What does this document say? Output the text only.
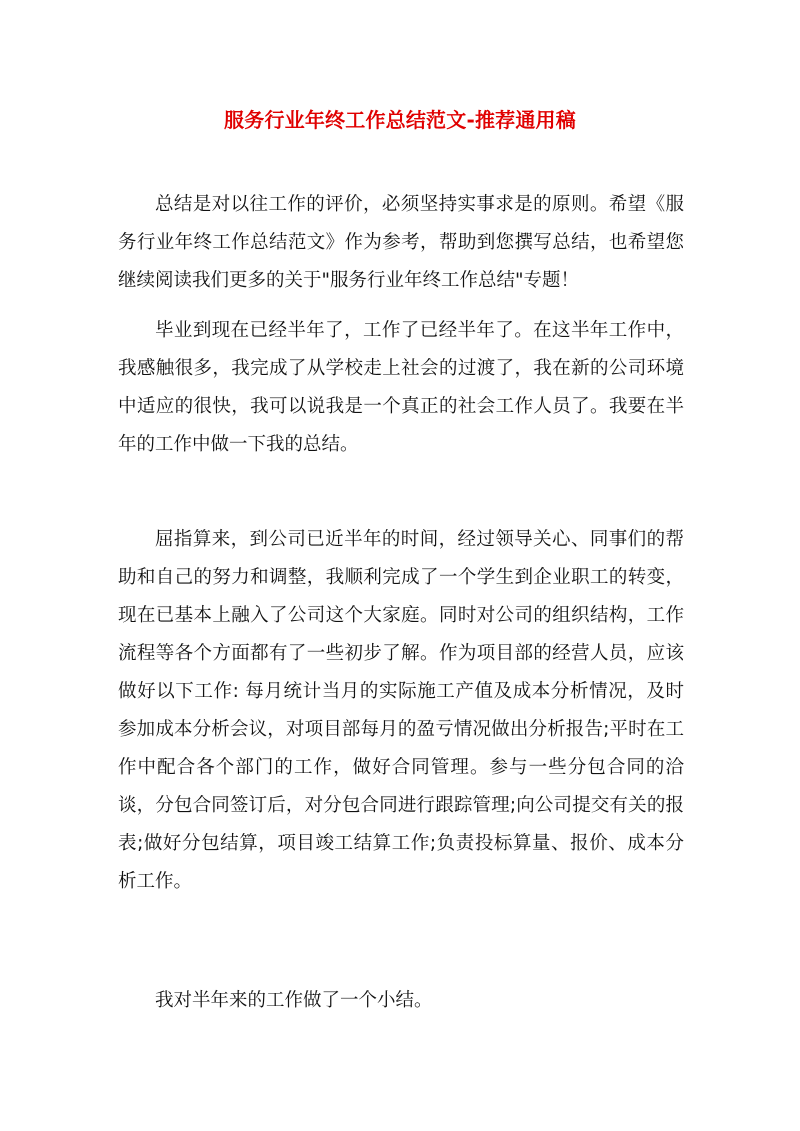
服务行业年终工作总结范文-推荐通用稿

总结是对以往工作的评价，必须坚持实事求是的原则。希望《服务行业年终工作总结范文》作为参考，帮助到您撰写总结，也希望您继续阅读我们更多的关于"服务行业年终工作总结"专题！

毕业到现在已经半年了，工作了已经半年了。在这半年工作中，我感触很多，我完成了从学校走上社会的过渡了，我在新的公司环境中适应的很快，我可以说我是一个真正的社会工作人员了。我要在半年的工作中做一下我的总结。

屈指算来，到公司已近半年的时间，经过领导关心、同事们的帮助和自己的努力和调整，我顺利完成了一个学生到企业职工的转变，现在已基本上融入了公司这个大家庭。同时对公司的组织结构，工作流程等各个方面都有了一些初步了解。作为项目部的经营人员，应该做好以下工作: 每月统计当月的实际施工产值及成本分析情况，及时参加成本分析会议，对项目部每月的盈亏情况做出分析报告;平时在工作中配合各个部门的工作，做好合同管理。参与一些分包合同的洽谈，分包合同签订后，对分包合同进行跟踪管理;向公司提交有关的报表;做好分包结算，项目竣工结算工作;负责投标算量、报价、成本分析工作。

我对半年来的工作做了一个小结。
